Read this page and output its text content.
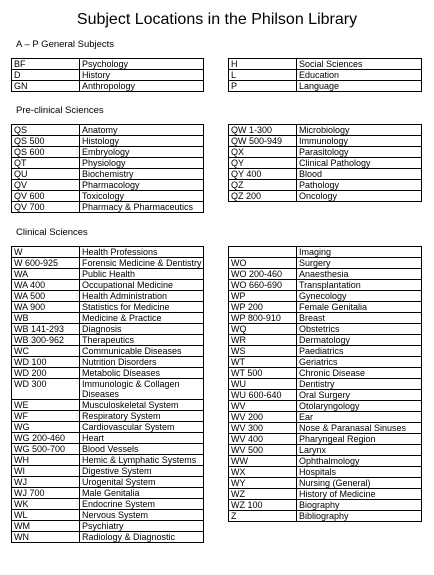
Subject Locations in the Philson Library
A – P General Subjects
BF	Psychology
D	History
GN	Anthropology
H	Social Sciences
L	Education
P	Language
Pre-clinical Sciences
QS	Anatomy
QS 500	Histology
QS 600	Embryology
QT	Physiology
QU	Biochemistry
QV	Pharmacology
QV 600	Toxicology
QV 700	Pharmacy & Pharmaceutics
QW 1-300	Microbiology
QW 500-949	Immunology
QX	Parasitology
QY	Clinical Pathology
QY 400	Blood
QZ	Pathology
QZ 200	Oncology
Clinical Sciences
W	Health Professions
W 600-925	Forensic Medicine & Dentistry
WA	Public Health
WA 400	Occupational Medicine
WA 500	Health Administration
WA 900	Statistics for Medicine
WB	Medicine & Practice
WB 141-293	Diagnosis
WB 300-962	Therapeutics
WC	Communicable Diseases
WD 100	Nutrition Disorders
WD 200	Metabolic Diseases
WD 300	Immunologic & Collagen Diseases
WE	Musculoskeletal System
WF	Respiratory System
WG	Cardiovascular System
WG 200-460	Heart
WG 500-700	Blood Vessels
WH	Hemic & Lymphatic Systems
WI	Digestive System
WJ	Urogenital System
WJ 700	Male Genitalia
WK	Endocrine System
WL	Nervous System
WM	Psychiatry
WN	Radiology & Diagnostic
	Imaging
WO	Surgery
WO 200-460	Anaesthesia
WO 660-690	Transplantation
WP	Gynecology
WP 200	Female Genitalia
WP 800-910	Breast
WQ	Obstetrics
WR	Dermatology
WS	Paediatrics
WT	Geriatrics
WT 500	Chronic Disease
WU	Dentistry
WU 600-640	Oral Surgery
WV	Otolaryngology
WV 200	Ear
WV 300	Nose & Paranasal Sinuses
WV 400	Pharyngeal Region
WV 500	Larynx
WW	Ophthalmology
WX	Hospitals
WY	Nursing (General)
WZ	History of Medicine
WZ 100	Biography
Z	Bibliography
